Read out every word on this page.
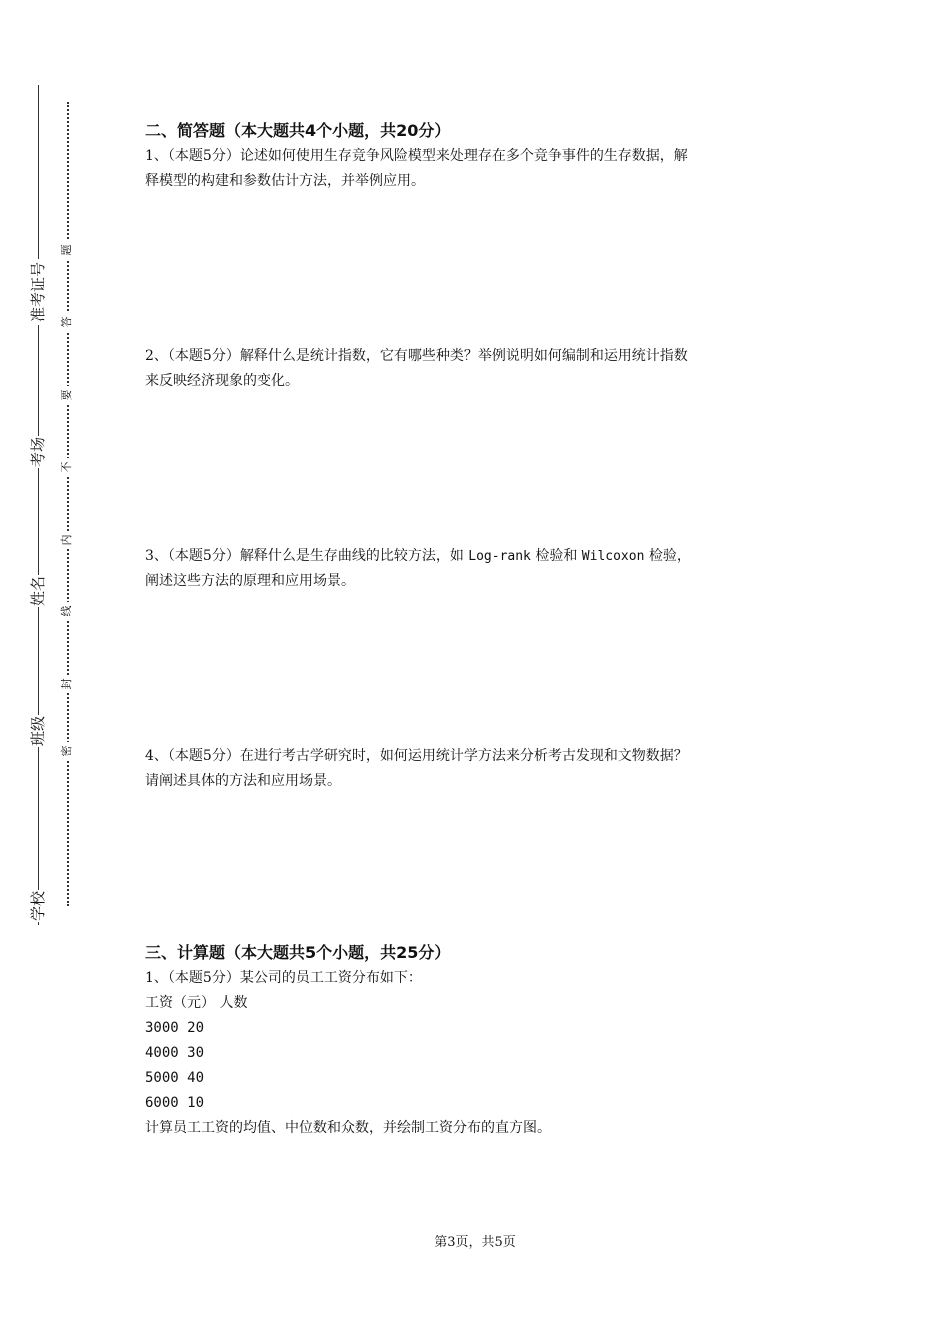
学校
班级
姓名
考场
准考证号
密
封
线
内
不
要
答
题
二、简答题（本大题共4个小题，共20分）

1、（本题5分）论述如何使用生存竞争风险模型来处理存在多个竞争事件的生存数据，解

释模型的构建和参数估计方法，并举例应用。

2、（本题5分）解释什么是统计指数，它有哪些种类？举例说明如何编制和运用统计指数

来反映经济现象的变化。

3、（本题5分）解释什么是生存曲线的比较方法，如 Log-rank 检验和 Wilcoxon 检验，

阐述这些方法的原理和应用场景。

4、（本题5分）在进行考古学研究时，如何运用统计学方法来分析考古发现和文物数据？

请阐述具体的方法和应用场景。

三、计算题（本大题共5个小题，共25分）

1、（本题5分）某公司的员工工资分布如下：

工资（元） 人数

3000 20

4000 30

5000 40

6000 10

计算员工工资的均值、中位数和众数，并绘制工资分布的直方图。

第3页，共5页
